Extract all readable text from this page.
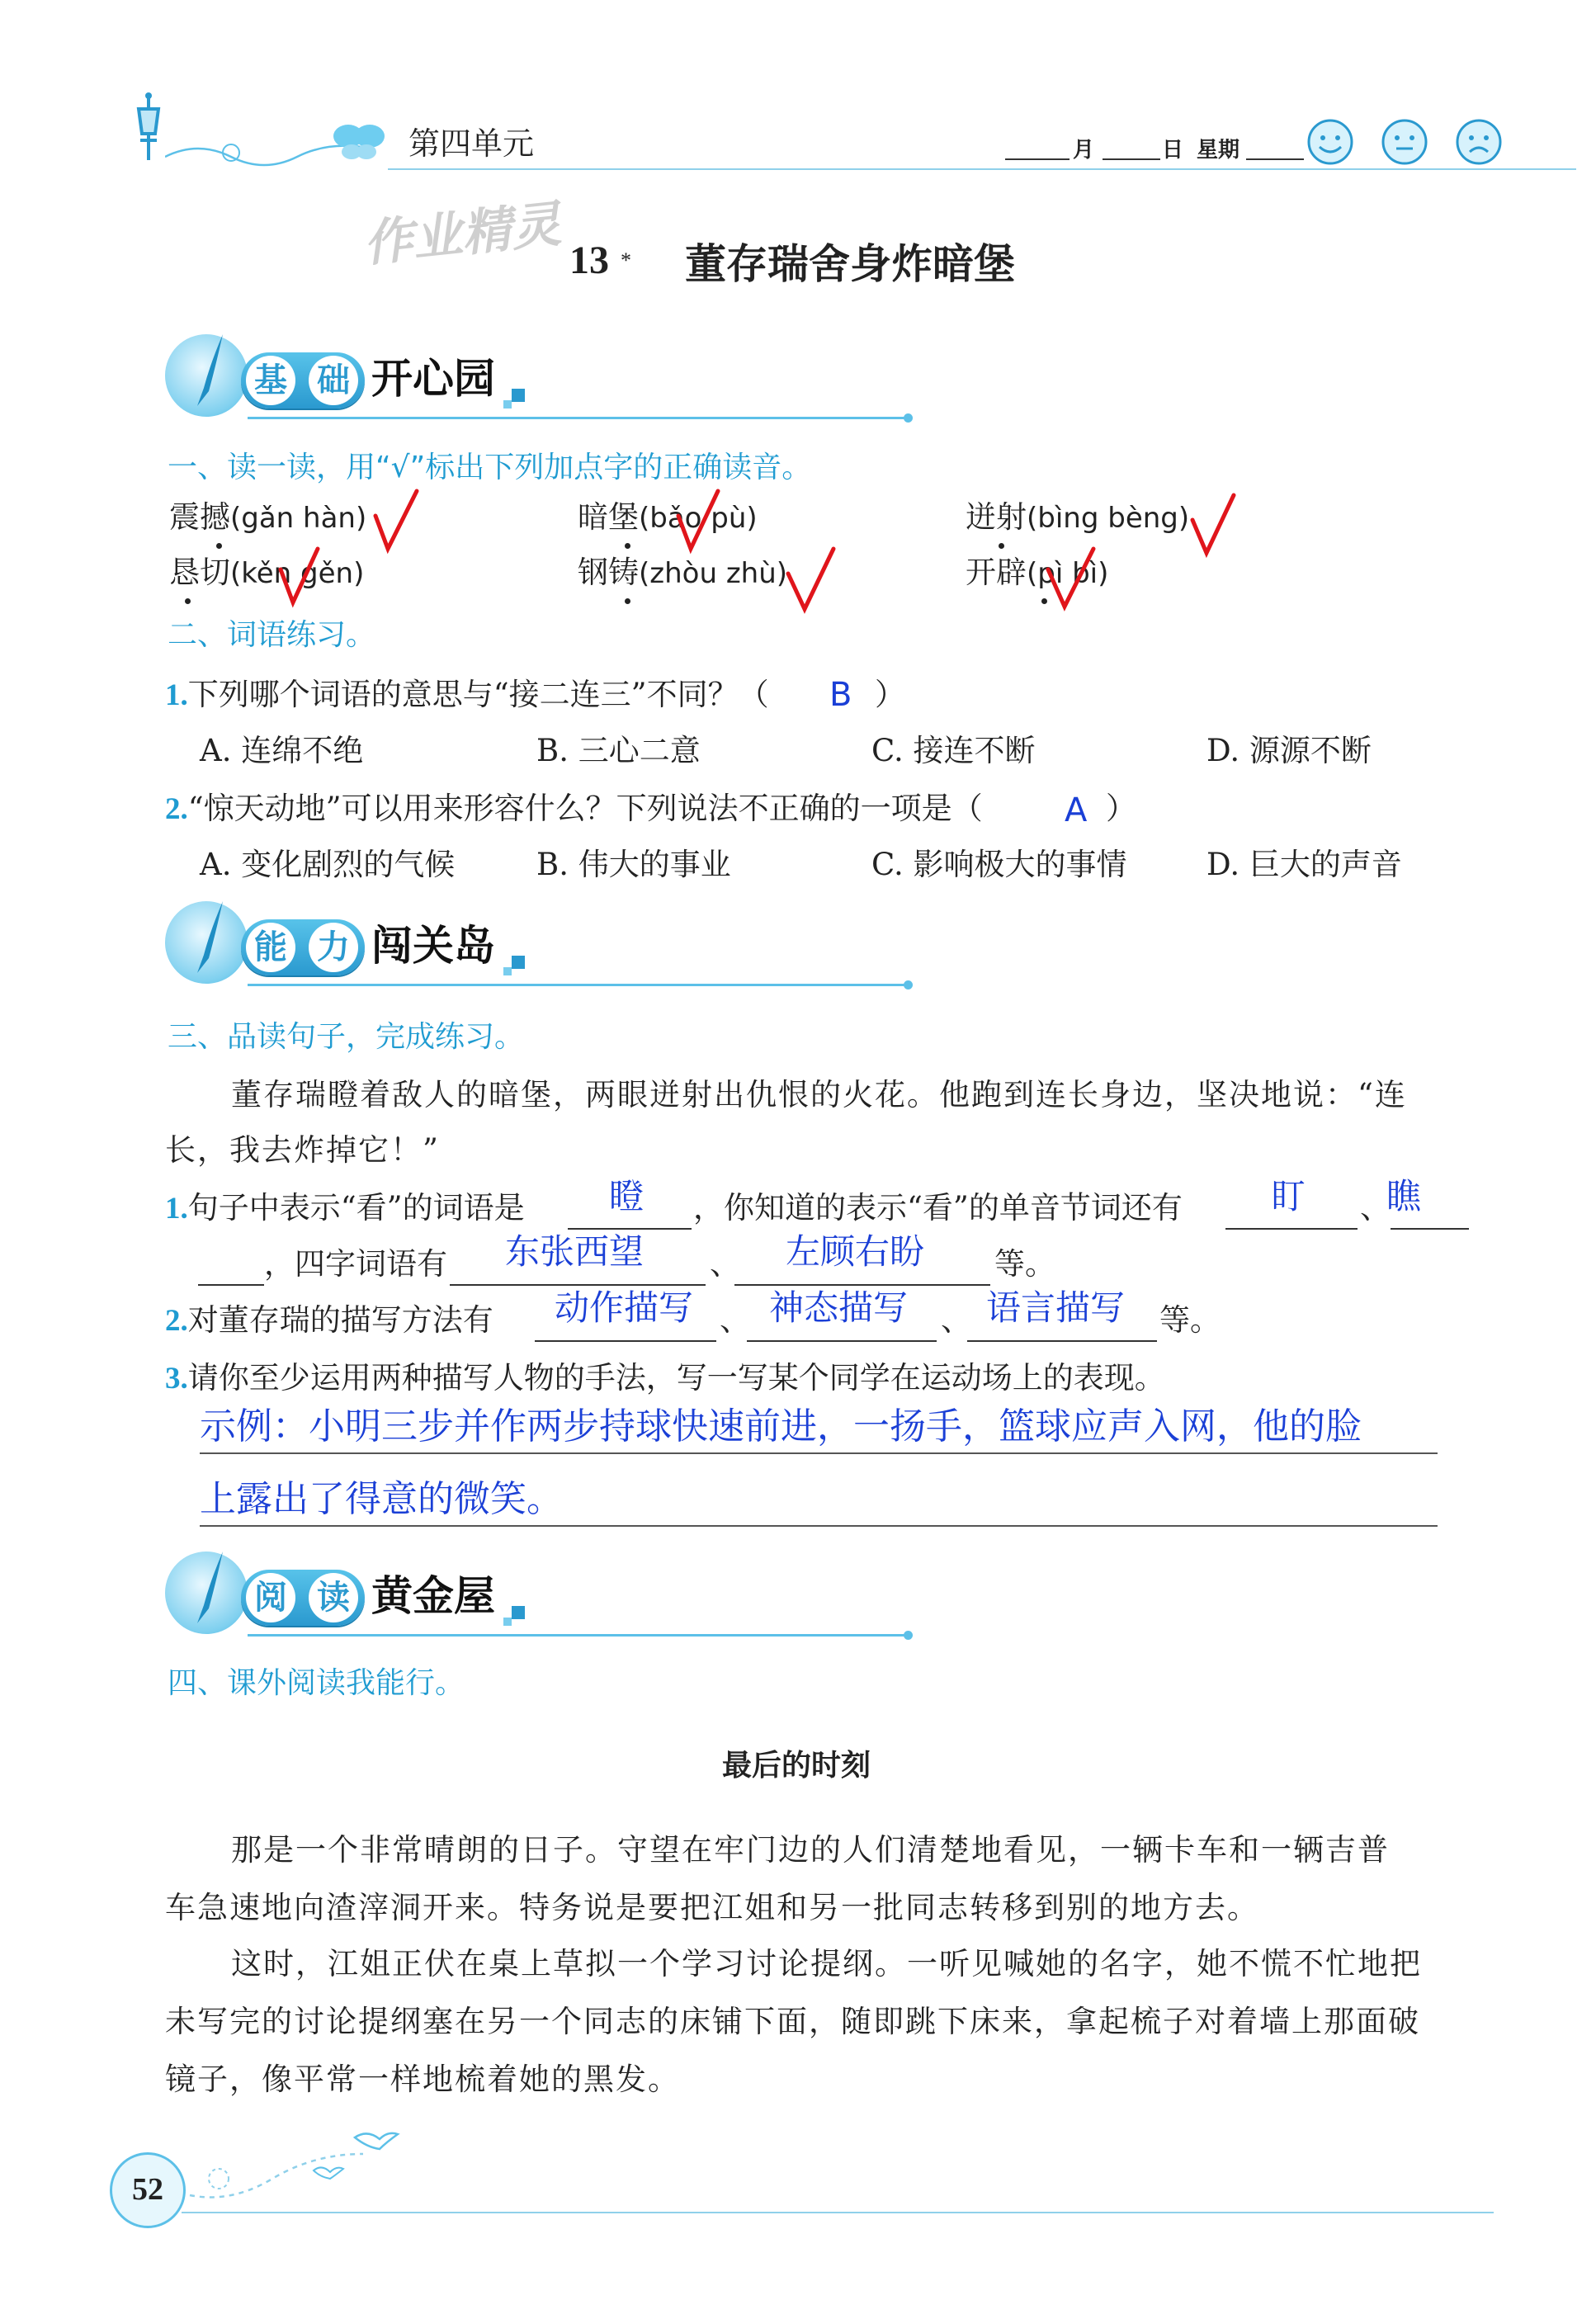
第四单元	月	日 星期
作业精灵 13 * 董存瑞舍身炸暗堡
基 础 开心园
一、读一读，用“√”标出下列加点字的正确读音。
震撼(gǎn hàn)	暗堡(bǎo pù)	迸射(bìng bèng)
恳切(kěn gěn)	钢铸(zhòu zhù)	开辟(pì bì)
二、词语练习。
1.下列哪个词语的意思与“接二连三”不同？（ B ）
A. 连绵不绝	B. 三心二意	C. 接连不断	D. 源源不断
2.“惊天动地”可以用来形容什么？下列说法不正确的一项是（ A ）
A. 变化剧烈的气候	B. 伟大的事业	C. 影响极大的事情	D. 巨大的声音
能 力 闯关岛
三、品读句子，完成练习。
董存瑞瞪着敌人的暗堡，两眼迸射出仇恨的火花。他跑到连长身边，坚决地说：“连
长，我去炸掉它！”
1.句子中表示“看”的词语是 瞪 ，你知道的表示“看”的单音节词还有	盯 、
瞧
，四字词语有 东张西望 、 左顾右盼 等。
2.对董存瑞的描写方法有 动作描写 、 神态描写 、 语言描写 等。
3.请你至少运用两种描写人物的手法，写一写某个同学在运动场上的表现。
示例：小明三步并作两步持球快速前进，一扬手，篮球应声入网，他的脸
上露出了得意的微笑。
阅 读 黄金屋
四、课外阅读我能行。
最后的时刻
那是一个非常晴朗的日子。守望在牢门边的人们清楚地看见，一辆卡车和一辆吉普
车急速地向渣滓洞开来。特务说是要把江姐和另一批同志转移到别的地方去。
这时，江姐正伏在桌上草拟一个学习讨论提纲。一听见喊她的名字，她不慌不忙地把
未写完的讨论提纲塞在另一个同志的床铺下面，随即跳下床来，拿起梳子对着墙上那面破
镜子，像平常一样地梳着她的黑发。
52
